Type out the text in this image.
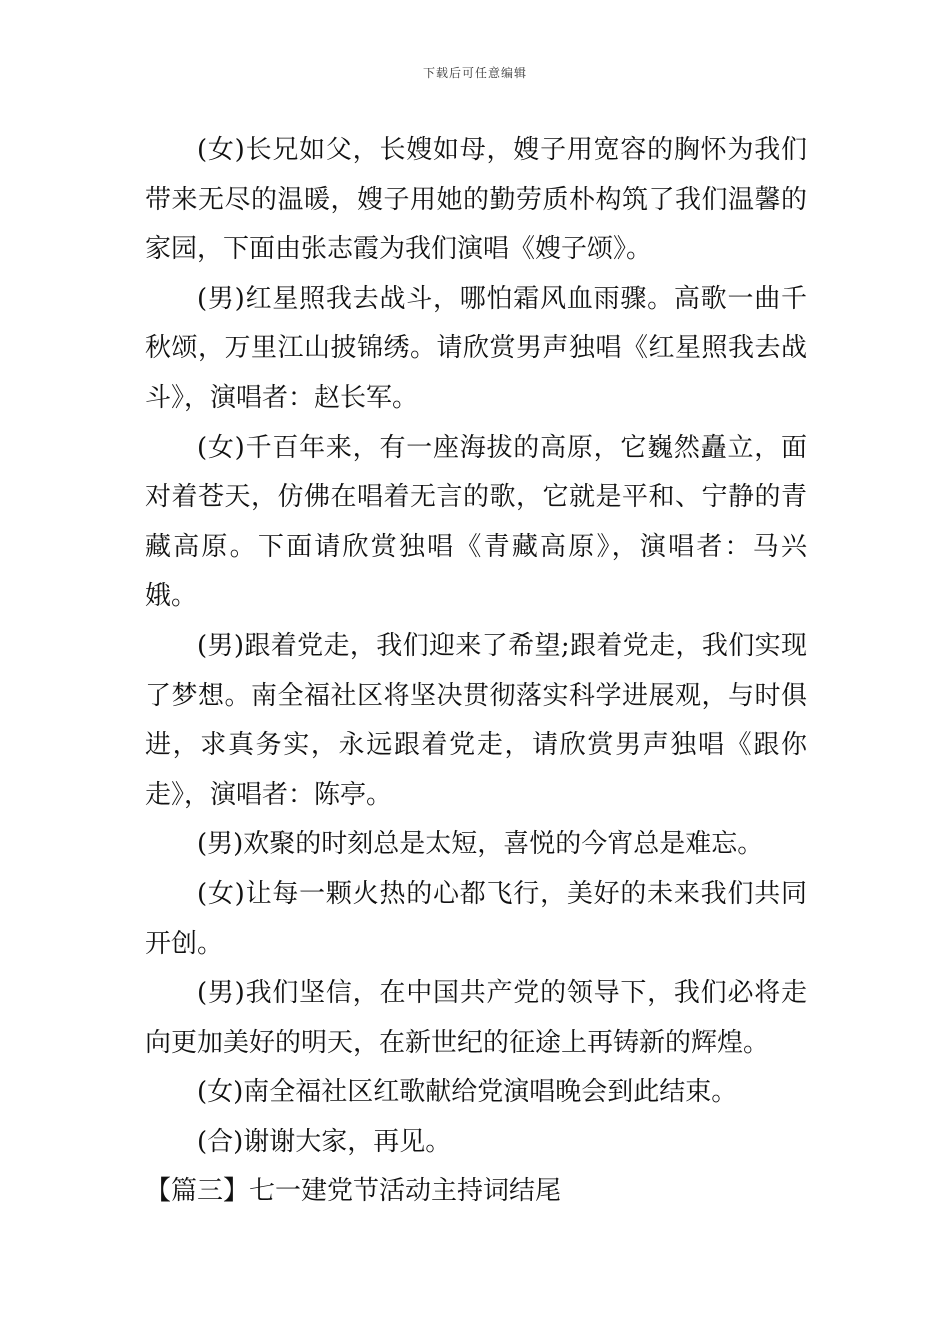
下载后可任意编辑

(女)长兄如父，长嫂如母，嫂子用宽容的胸怀为我们带来无尽的温暖，嫂子用她的勤劳质朴构筑了我们温馨的家园，下面由张志霞为我们演唱《嫂子颂》。

(男)红星照我去战斗，哪怕霜风血雨骤。高歌一曲千秋颂，万里江山披锦绣。请欣赏男声独唱《红星照我去战斗》，演唱者：赵长军。

(女)千百年来，有一座海拔的高原，它巍然矗立，面对着苍天，仿佛在唱着无言的歌，它就是平和、宁静的青藏高原。下面请欣赏独唱《青藏高原》，演唱者：马兴娥。

(男)跟着党走，我们迎来了希望;跟着党走，我们实现了梦想。南全福社区将坚决贯彻落实科学进展观，与时俱进，求真务实，永远跟着党走，请欣赏男声独唱《跟你走》，演唱者：陈亭。

(男)欢聚的时刻总是太短，喜悦的今宵总是难忘。

(女)让每一颗火热的心都飞行，美好的未来我们共同开创。

(男)我们坚信，在中国共产党的领导下，我们必将走向更加美好的明天，在新世纪的征途上再铸新的辉煌。

(女)南全福社区红歌献给党演唱晚会到此结束。

(合)谢谢大家，再见。

【篇三】七一建党节活动主持词结尾
